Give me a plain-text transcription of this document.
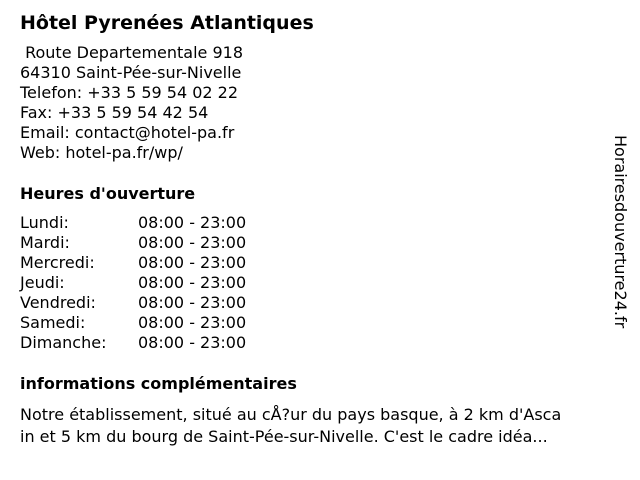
Hôtel Pyrenées Atlantiques
Route Departementale 918
64310 Saint-Pée-sur-Nivelle
Telefon: +33 5 59 54 02 22
Fax: +33 5 59 54 42 54
Email: contact@hotel-pa.fr
Web: hotel-pa.fr/wp/
Heures d'ouverture
Lundi:	08:00 - 23:00
Mardi:	08:00 - 23:00
Mercredi:	08:00 - 23:00
Jeudi:	08:00 - 23:00
Vendredi:	08:00 - 23:00
Samedi:	08:00 - 23:00
Dimanche:	08:00 - 23:00
informations complémentaires
Notre établissement, situé au cÅ?ur du pays basque, à 2 km d'Asca
in et 5 km du bourg de Saint-Pée-sur-Nivelle. C'est le cadre idéa...
Horairesdouverture24.fr
